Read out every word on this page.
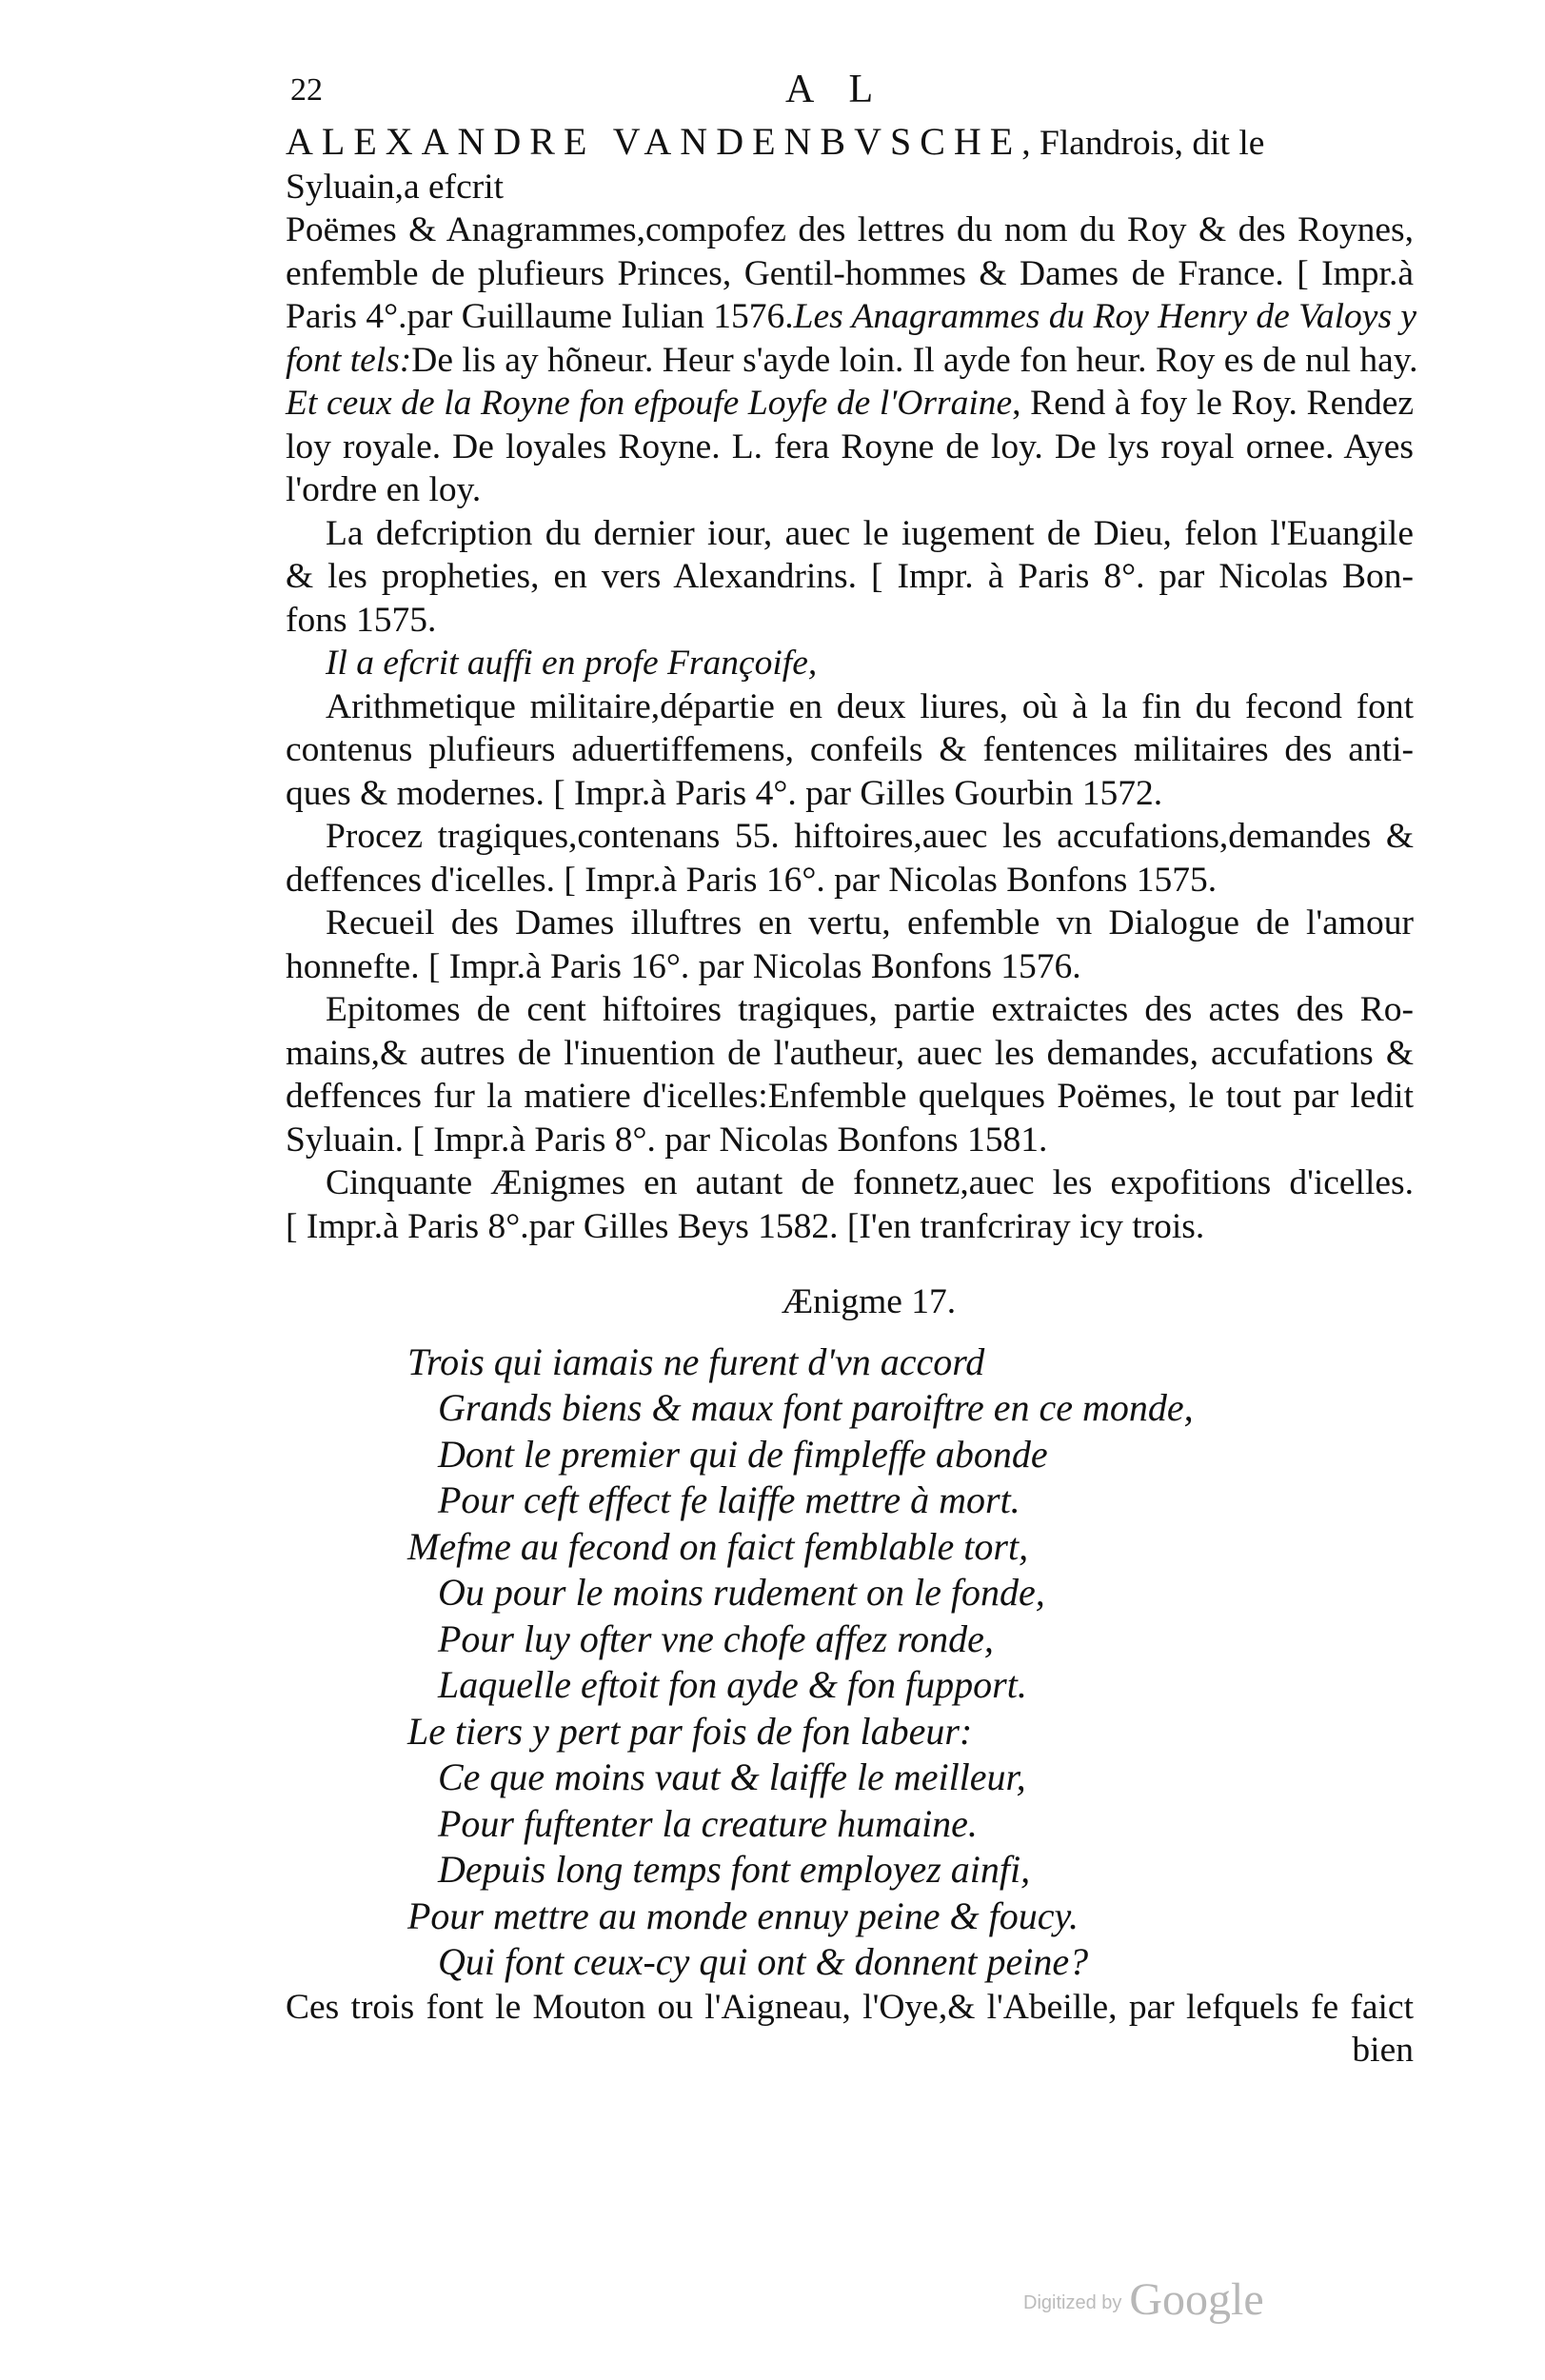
22	A L
ALEXANDRE VANDENBVSCHE, Flandrois, dit le
Syluain,a efcrit
Poëmes & Anagrammes,compofez des lettres du nom du Roy & des Roynes,
enfemble de plufieurs Princes, Gentil-hommes & Dames de France. [ Impr.à
Paris 4°.par Guillaume Iulian 1576.Les Anagrammes du Roy Henry de Valoys y
font tels:De lis ay hõneur. Heur s'ayde loin. Il ayde fon heur. Roy es de nul hay.
Et ceux de la Royne fon efpoufe Loyfe de l'Orraine, Rend à foy le Roy. Rendez
loy royale. De loyales Royne. L. fera Royne de loy. De lys royal ornee. Ayes
l'ordre en loy.
La defcription du dernier iour, auec le iugement de Dieu, felon l'Euangile
& les propheties, en vers Alexandrins. [ Impr. à Paris 8°. par Nicolas Bon-
fons 1575.
Il a efcrit auffi en profe Françoife,
Arithmetique militaire,départie en deux liures, où à la fin du fecond font
contenus plufieurs aduertiffemens, confeils & fentences militaires des anti-
ques & modernes. [ Impr.à Paris 4°. par Gilles Gourbin 1572.
Procez tragiques,contenans 55. hiftoires,auec les accufations,demandes &
deffences d'icelles. [ Impr.à Paris 16°. par Nicolas Bonfons 1575.
Recueil des Dames illuftres en vertu, enfemble vn Dialogue de l'amour
honnefte. [ Impr.à Paris 16°. par Nicolas Bonfons 1576.
Epitomes de cent hiftoires tragiques, partie extraictes des actes des Ro-
mains,& autres de l'inuention de l'autheur, auec les demandes, accufations &
deffences fur la matiere d'icelles:Enfemble quelques Poëmes, le tout par ledit
Syluain. [ Impr.à Paris 8°. par Nicolas Bonfons 1581.
Cinquante Ænigmes en autant de fonnetz,auec les expofitions d'icelles.
[ Impr.à Paris 8°.par Gilles Beys 1582. [I'en tranfcriray icy trois.
Ænigme 17.
Trois qui iamais ne furent d'vn accord
Grands biens & maux font paroiftre en ce monde,
Dont le premier qui de fimpleffe abonde
Pour ceft effect fe laiffe mettre à mort.
Mefme au fecond on faict femblable tort,
Ou pour le moins rudement on le fonde,
Pour luy ofter vne chofe affez ronde,
Laquelle eftoit fon ayde & fon fupport.
Le tiers y pert par fois de fon labeur:
Ce que moins vaut & laiffe le meilleur,
Pour fuftenter la creature humaine.
Depuis long temps font employez ainfi,
Pour mettre au monde ennuy peine & foucy.
Qui font ceux-cy qui ont & donnent peine?
Ces trois font le Mouton ou l'Aigneau, l'Oye,& l'Abeille, par lefquels fe faict
bien
Digitized by Google
